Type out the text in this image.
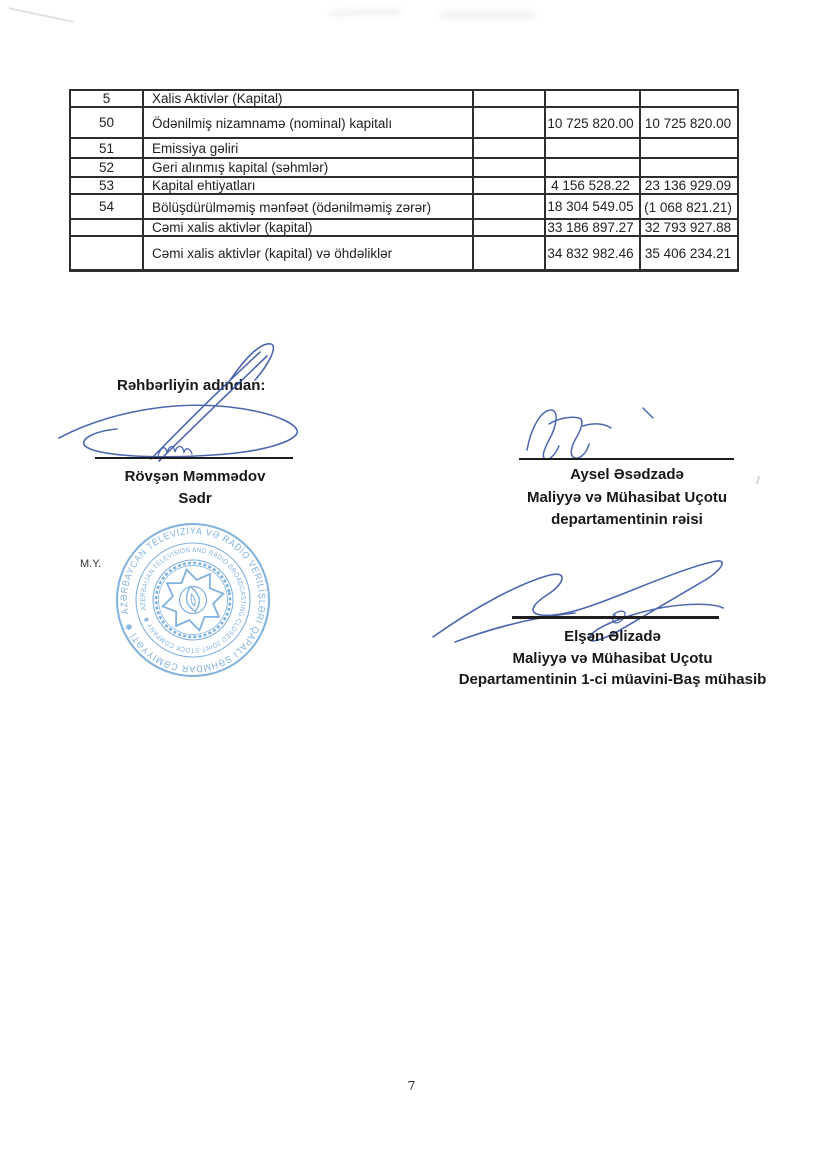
5	Xalis Aktivlər (Kapital)			
50	Ödənilmiş nizamnamə (nominal) kapitalı		10 725 820.00	10 725 820.00
51	Emissiya gəliri			
52	Geri alınmış kapital (səhmlər)			
53	Kapital ehtiyatları		4 156 528.22	23 136 929.09
54	Bölüşdürülməmiş mənfəət (ödənilməmiş zərər)		18 304 549.05	(1 068 821.21)
	Cəmi xalis aktivlər (kapital)		33 186 897.27	32 793 927.88
	Cəmi xalis aktivlər (kapital) və öhdəliklər		34 832 982.46	35 406 234.21
Rəhbərliyin adından:
Rövşən Məmmədov
Sədr
Aysel Əsədzadə
Maliyyə və Mühasibat Uçotu
departamentinin rəisi
Elşən Əlizadə
Maliyyə və Mühasibat Uçotu
Departamentinin 1-ci müavini-Baş mühasib
M.Y.
AZƏRBAYCAN TELEVİZİYA VƏ RADİO VERİLİŞLƏRİ QAPALI SƏHMDAR CƏMİYYƏTİ ✱
AZERBAIJAN TELEVISION AND RADIO BROADCASTING CLOSED JOINT-STOCK COMPANY ✱
7
